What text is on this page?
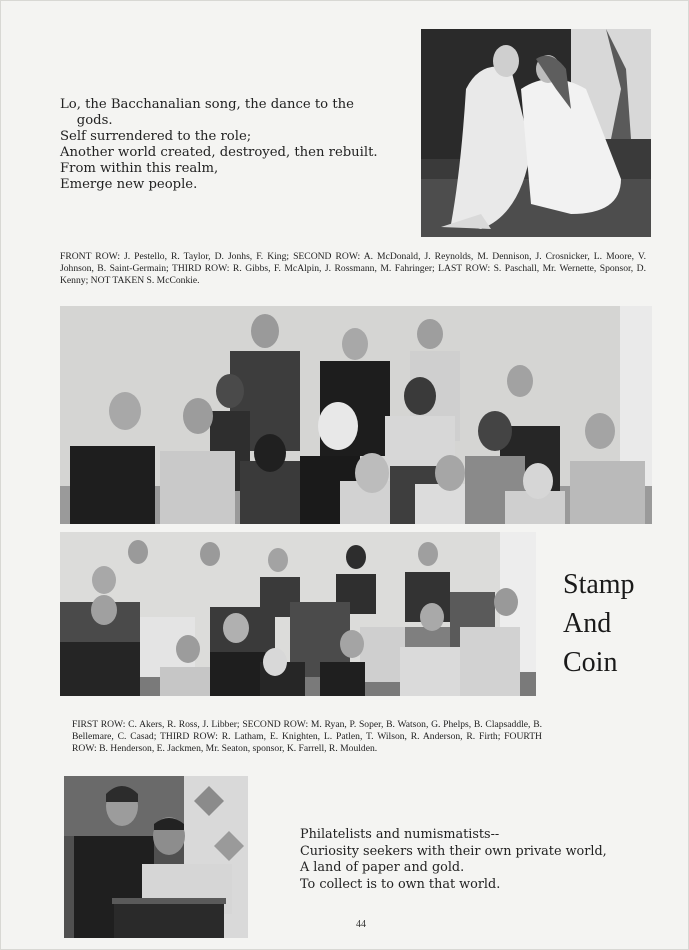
Lo, the Bacchanalian song, the dance to the
gods.
Self surrendered to the role;
Another world created, destroyed, then rebuilt.
From within this realm,
Emerge new people.
FRONT ROW: J. Pestello, R. Taylor, D. Jonhs, F. King; SECOND ROW: A. McDonald, J. Reynolds, M. Dennison, J. Crosnicker, L. Moore, V. Johnson, B. Saint-Germain; THIRD ROW: R. Gibbs, F. McAlpin, J. Rossmann, M. Fahringer; LAST ROW: S. Paschall, Mr. Wernette, Sponsor, D. Kenny; NOT TAKEN S. McConkie.
Stamp
And
Coin
FIRST ROW: C. Akers, R. Ross, J. Libber; SECOND ROW: M. Ryan, P. Soper, B. Watson, G. Phelps, B. Clapsaddle, B. Bellemare, C. Casad; THIRD ROW: R. Latham, E. Knighten, L. Patlen, T. Wilson, R. Anderson, R. Firth; FOURTH ROW: B. Henderson, E. Jackmen, Mr. Seaton, sponsor, K. Farrell, R. Moulden.
Philatelists and numismatists--
Curiosity seekers with their own private world,
A land of paper and gold.
To collect is to own that world.
44
